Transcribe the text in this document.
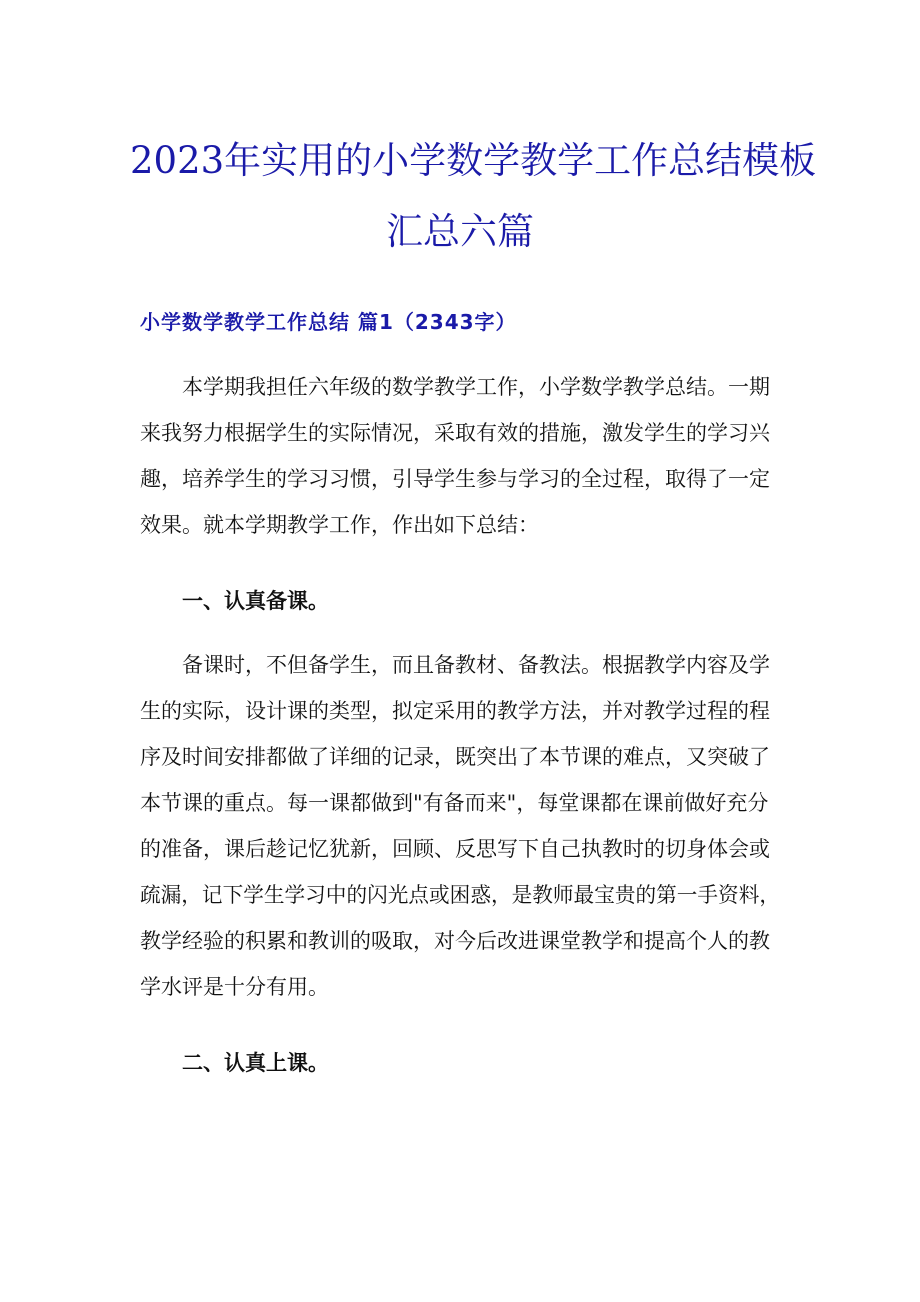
2023年实用的小学数学教学工作总结模板
汇总六篇
小学数学教学工作总结 篇1（2343字）
本学期我担任六年级的数学教学工作，小学数学教学总结。一期
来我努力根据学生的实际情况，采取有效的措施，激发学生的学习兴
趣，培养学生的学习习惯，引导学生参与学习的全过程，取得了一定
效果。就本学期教学工作，作出如下总结：
一、认真备课。
备课时，不但备学生，而且备教材、备教法。根据教学内容及学
生的实际，设计课的类型，拟定采用的教学方法，并对教学过程的程
序及时间安排都做了详细的记录，既突出了本节课的难点，又突破了
本节课的重点。每一课都做到"有备而来"，每堂课都在课前做好充分
的准备，课后趁记忆犹新，回顾、反思写下自己执教时的切身体会或
疏漏，记下学生学习中的闪光点或困惑，是教师最宝贵的第一手资料，
教学经验的积累和教训的吸取，对今后改进课堂教学和提高个人的教
学水评是十分有用。
二、认真上课。
